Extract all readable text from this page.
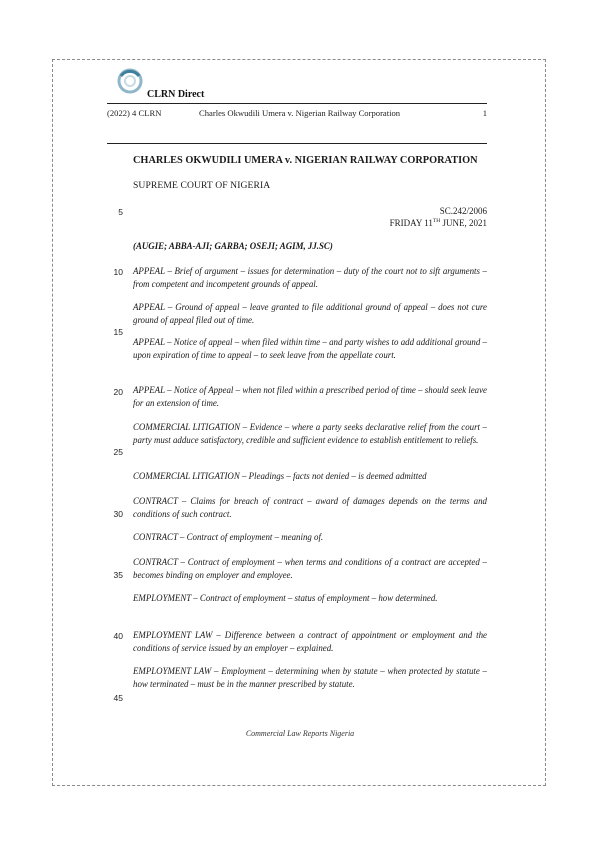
CLRN Direct
(2022) 4 CLRN	Charles Okwudili Umera v. Nigerian Railway Corporation	1
CHARLES OKWUDILI UMERA v. NIGERIAN RAILWAY CORPORATION
SUPREME COURT OF NIGERIA
5	SC.242/2006
FRIDAY 11TH JUNE, 2021

(AUGIE; ABBA-AJI; GARBA; OSEJI; AGIM, JJ.SC)

10
15
20
25
30
35
40
45

APPEAL – Brief of argument – issues for determination – duty of the court not to sift arguments – from competent and incompetent grounds of appeal.

APPEAL – Ground of appeal – leave granted to file additional ground of appeal – does not cure ground of appeal filed out of time.

APPEAL – Notice of appeal – when filed within time – and party wishes to add additional ground – upon expiration of time to appeal – to seek leave from the appellate court.

APPEAL – Notice of Appeal – when not filed within a prescribed period of time – should seek leave for an extension of time.

COMMERCIAL LITIGATION – Evidence – where a party seeks declarative relief from the court – party must adduce satisfactory, credible and sufficient evidence to establish entitlement to reliefs.

COMMERCIAL LITIGATION – Pleadings – facts not denied – is deemed admitted

CONTRACT – Claims for breach of contract – award of damages depends on the terms and conditions of such contract.

CONTRACT – Contract of employment – meaning of.

CONTRACT – Contract of employment – when terms and conditions of a contract are accepted – becomes binding on employer and employee.

EMPLOYMENT – Contract of employment – status of employment – how determined.

EMPLOYMENT LAW – Difference between a contract of appointment or employment and the conditions of service issued by an employer – explained.

EMPLOYMENT LAW – Employment – determining when by statute – when protected by statute – how terminated – must be in the manner prescribed by statute.

Commercial Law Reports Nigeria
